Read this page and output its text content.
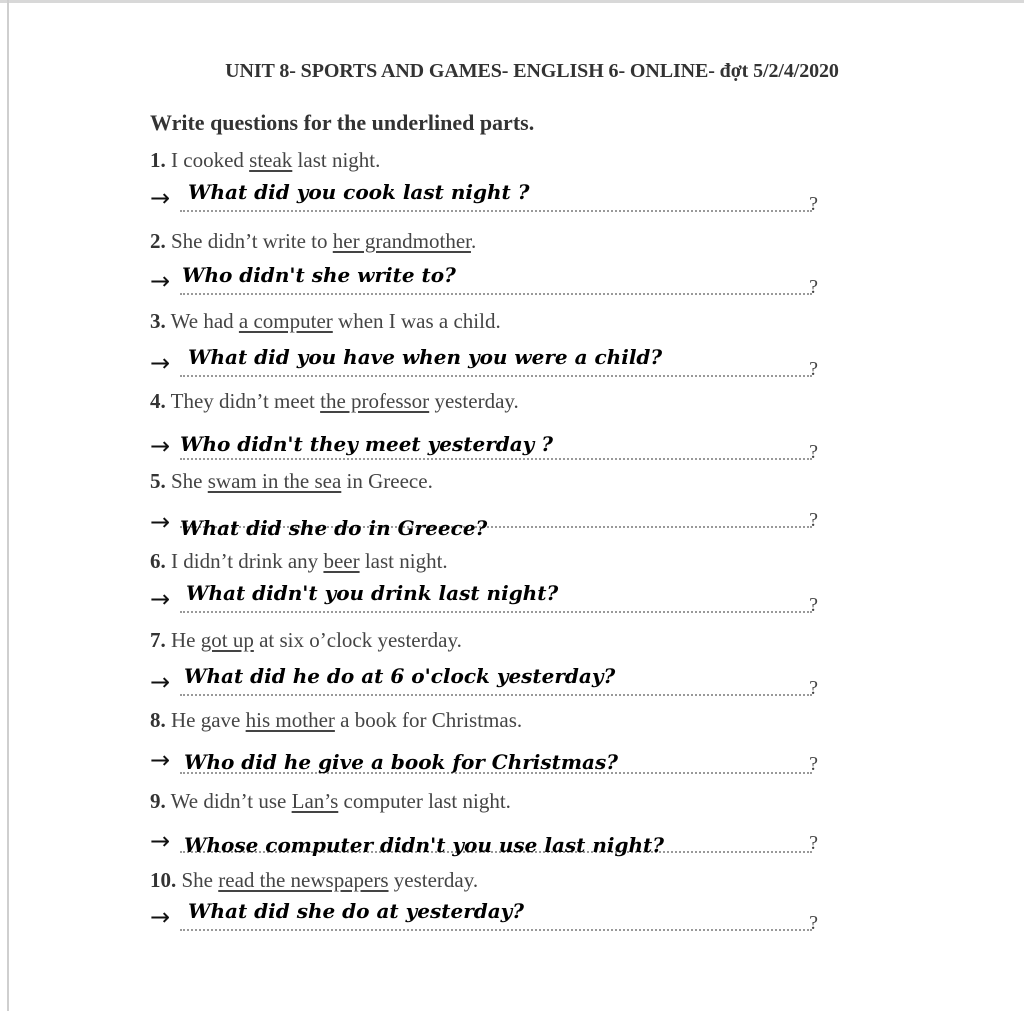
UNIT 8- SPORTS AND GAMES- ENGLISH 6- ONLINE- đợt 5/2/4/2020
Write questions for the underlined parts.
1. I cooked steak last night.
→	?
What did you cook last night ?
2. She didn’t write to her grandmother.
→	?
Who didn't she write to?
3. We had a computer when I was a child.
→	?
What did you have when you were a child?
4. They didn’t meet the professor yesterday.
→	?
Who didn't they meet yesterday ?
5. She swam in the sea in Greece.
→	?
What did she do in Greece?
6. I didn’t drink any beer last night.
→	?
What didn't you drink last night?
7. He got up at six o’clock yesterday.
→	?
What did he do at 6 o'clock yesterday?
8. He gave his mother a book for Christmas.
→	?
Who did he give a book for Christmas?
9. We didn’t use Lan’s computer last night.
→	?
Whose computer didn't you use last night?
10. She read the newspapers yesterday.
→	?
What did she do at yesterday?
